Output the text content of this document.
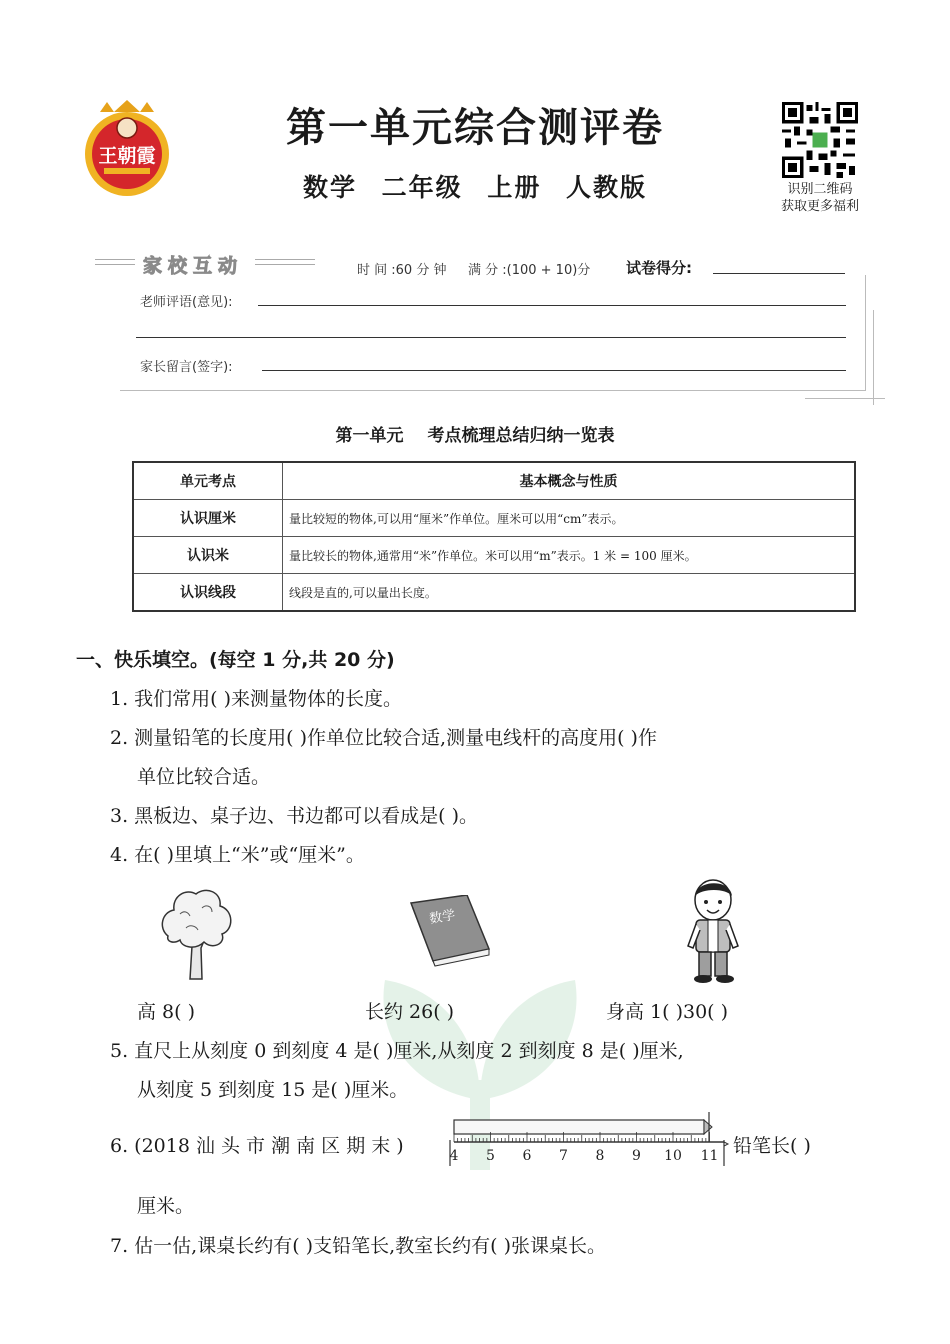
王朝霞
第一单元综合测评卷
数学 二年级 上册 人教版	识别二维码
获取更多福利
家校互动	时 间 :60 分 钟 满 分 :(100 + 10)分 试卷得分:
老师评语(意见):
家长留言(签字):
第一单元 考点梳理总结归纳一览表
单元考点	基本概念与性质
认识厘米	量比较短的物体,可以用“厘米”作单位。厘米可以用“cm”表示。
认识米	量比较长的物体,通常用“米”作单位。米可以用“m”表示。1 米 = 100 厘米。
认识线段	线段是直的,可以量出长度。
一、快乐填空。(每空 1 分,共 20 分)
1. 我们常用( )来测量物体的长度。
2. 测量铅笔的长度用( )作单位比较合适,测量电线杆的高度用( )作
单位比较合适。
3. 黑板边、桌子边、书边都可以看成是( )。
4. 在( )里填上“米”或“厘米”。
数学
高 8( )	长约 26( )	身高 1( )30( )
5. 直尺上从刻度 0 到刻度 4 是( )厘米,从刻度 2 到刻度 8 是( )厘米,
从刻度 5 到刻度 15 是( )厘米。
6. (2018 汕 头 市 潮 南 区 期 末 )	4 5 6 7 8 9 10 11 铅笔长( )
厘米。
7. 估一估,课桌长约有( )支铅笔长,教室长约有( )张课桌长。
